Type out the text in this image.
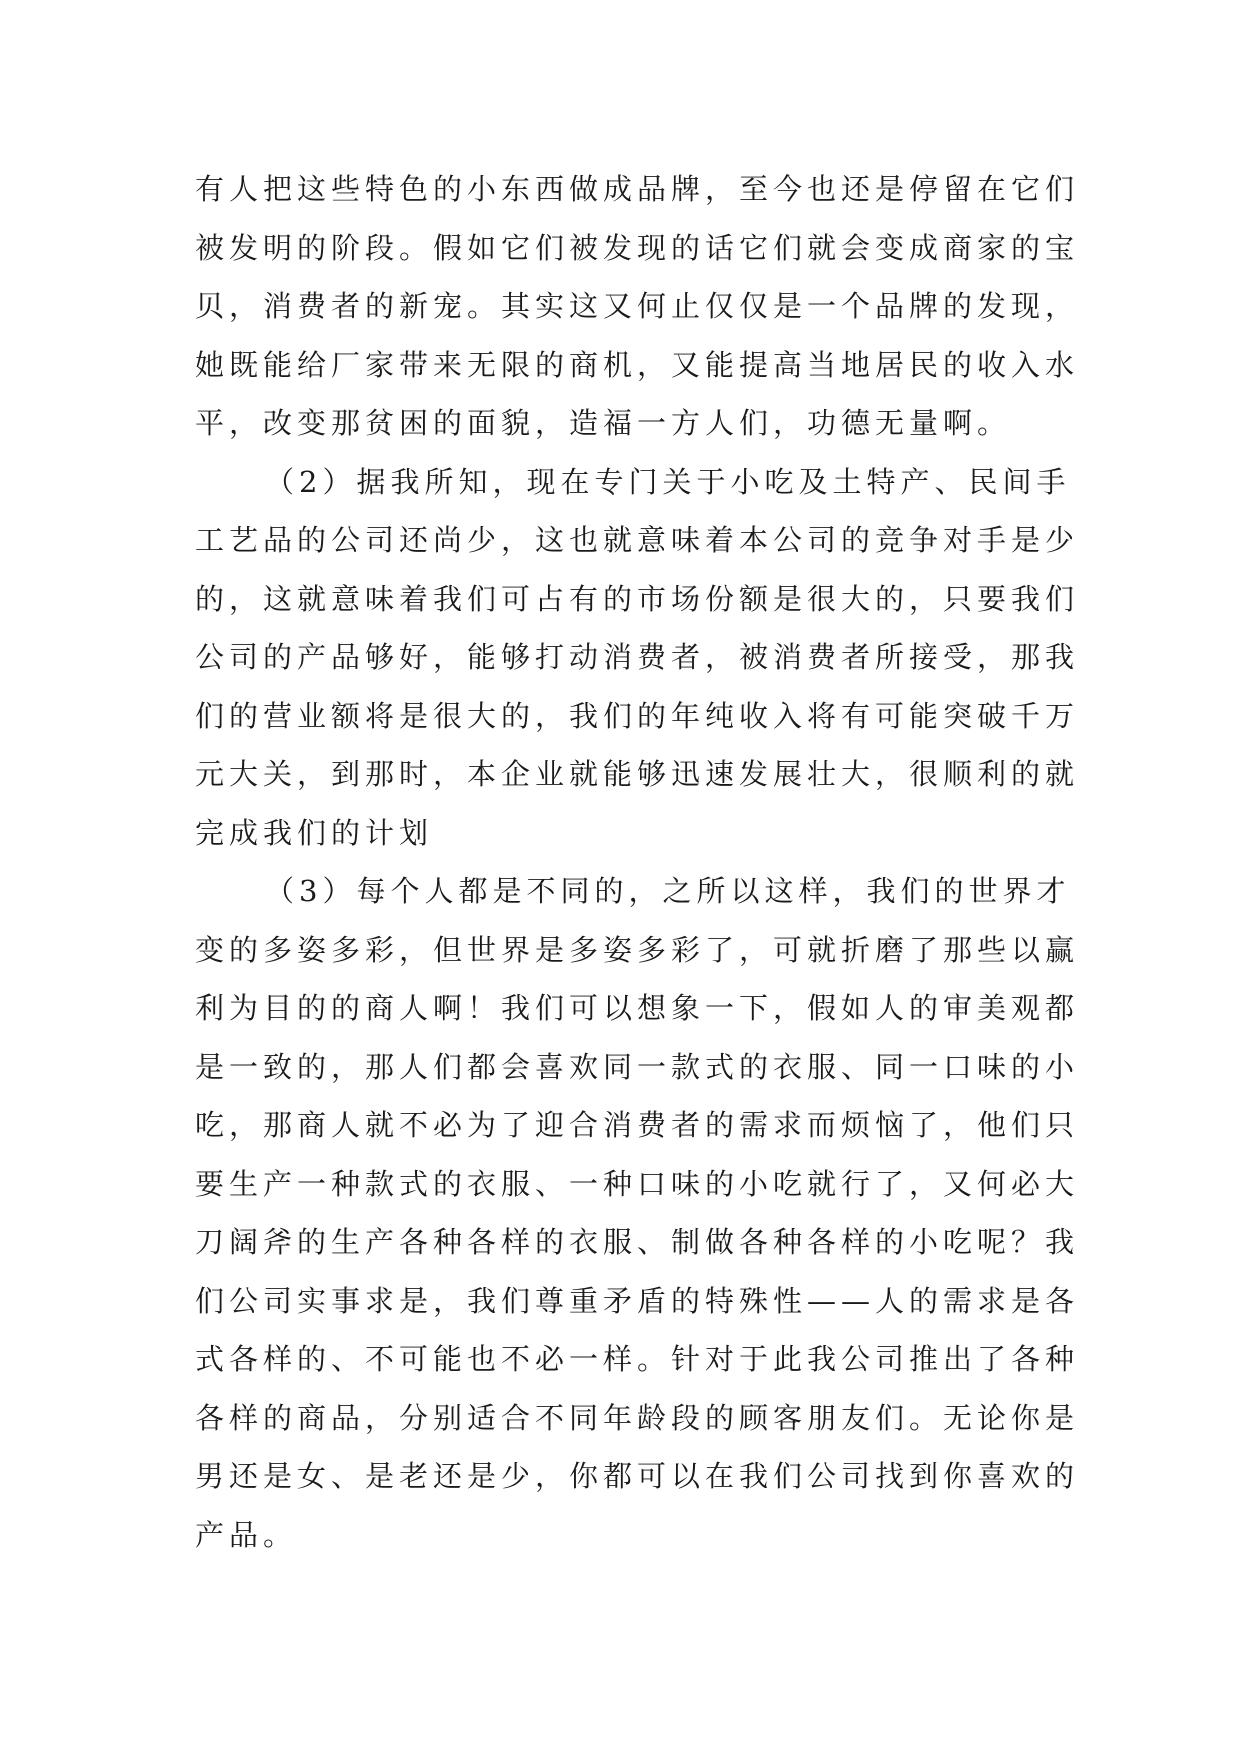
有人把这些特色的小东西做成品牌，至今也还是停留在它们
被发明的阶段。假如它们被发现的话它们就会变成商家的宝
贝，消费者的新宠。其实这又何止仅仅是一个品牌的发现，
她既能给厂家带来无限的商机，又能提高当地居民的收入水
平，改变那贫困的面貌，造福一方人们，功德无量啊。
（2）据我所知，现在专门关于小吃及土特产、民间手
工艺品的公司还尚少，这也就意味着本公司的竞争对手是少
的，这就意味着我们可占有的市场份额是很大的，只要我们
公司的产品够好，能够打动消费者，被消费者所接受，那我
们的营业额将是很大的，我们的年纯收入将有可能突破千万
元大关，到那时，本企业就能够迅速发展壮大，很顺利的就
完成我们的计划
（3）每个人都是不同的，之所以这样，我们的世界才
变的多姿多彩，但世界是多姿多彩了，可就折磨了那些以赢
利为目的的商人啊！我们可以想象一下，假如人的审美观都
是一致的，那人们都会喜欢同一款式的衣服、同一口味的小
吃，那商人就不必为了迎合消费者的需求而烦恼了，他们只
要生产一种款式的衣服、一种口味的小吃就行了，又何必大
刀阔斧的生产各种各样的衣服、制做各种各样的小吃呢？我
们公司实事求是，我们尊重矛盾的特殊性——人的需求是各
式各样的、不可能也不必一样。针对于此我公司推出了各种
各样的商品，分别适合不同年龄段的顾客朋友们。无论你是
男还是女、是老还是少，你都可以在我们公司找到你喜欢的
产品。
